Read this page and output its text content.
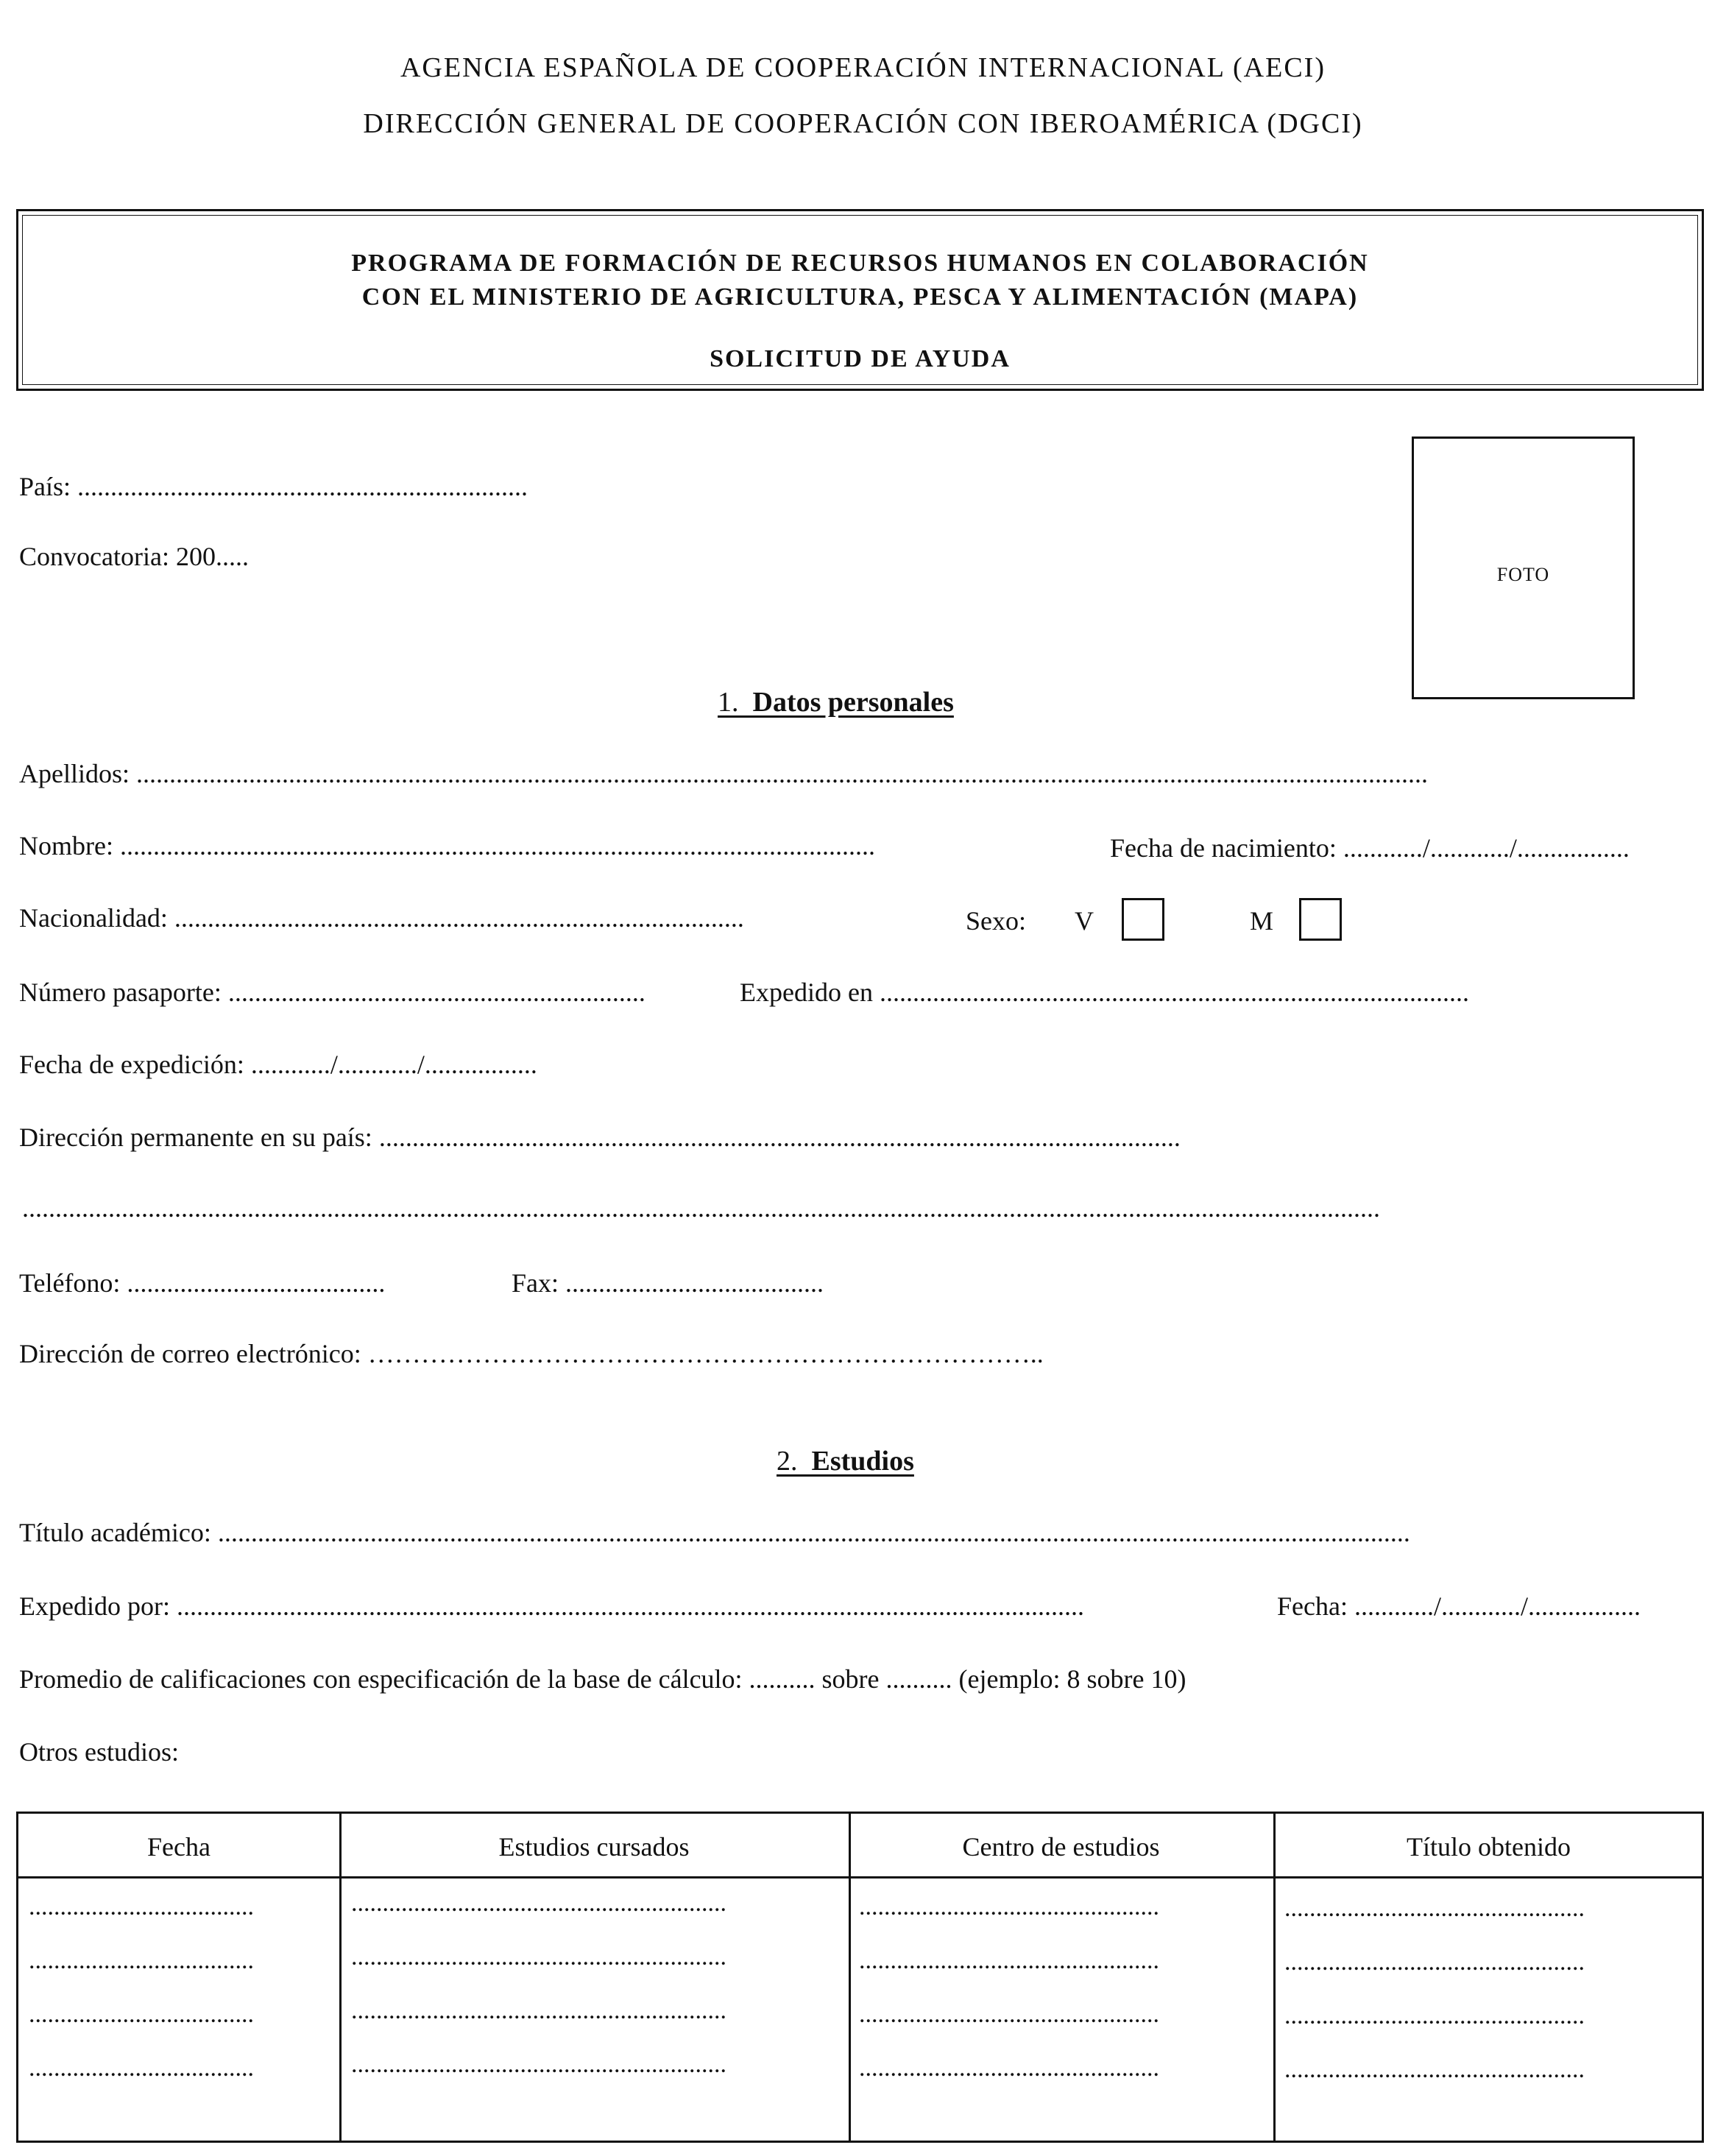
AGENCIA ESPAÑOLA DE COOPERACIÓN INTERNACIONAL (AECI)
DIRECCIÓN GENERAL DE COOPERACIÓN CON IBEROAMÉRICA (DGCI)
PROGRAMA DE FORMACIÓN DE RECURSOS HUMANOS EN COLABORACIÓN
CON EL MINISTERIO DE AGRICULTURA, PESCA Y ALIMENTACIÓN (MAPA)
SOLICITUD DE AYUDA
País: ....................................................................
Convocatoria: 200.....
FOTO
1. Datos personales
Apellidos: ...................................................................................................................................................................................................
Nombre: ..................................................................................................................	Fecha de nacimiento: ............/............/.................
Nacionalidad: ......................................................................................	Sexo: V	M
Número pasaporte: ...............................................................	Expedido en .........................................................................................
Fecha de expedición: ............/............/.................
Dirección permanente en su país: .........................................................................................................................
.............................................................................................................................................................................................................
Teléfono: .......................................	Fax: .......................................
Dirección de correo electrónico: …………………………………………………………………..
2. Estudios
Título académico: ....................................................................................................................................................................................
Expedido por: .........................................................................................................................................	Fecha: ............/............/.................
Promedio de calificaciones con especificación de la base de cálculo: .......... sobre .......... (ejemplo: 8 sobre 10)
Otros estudios:
Fecha	Estudios cursados	Centro de estudios	Título obtenido
....................................	............................................................	................................................	................................................
....................................	............................................................	................................................	................................................
....................................	............................................................	................................................	................................................
....................................	............................................................	................................................	................................................
